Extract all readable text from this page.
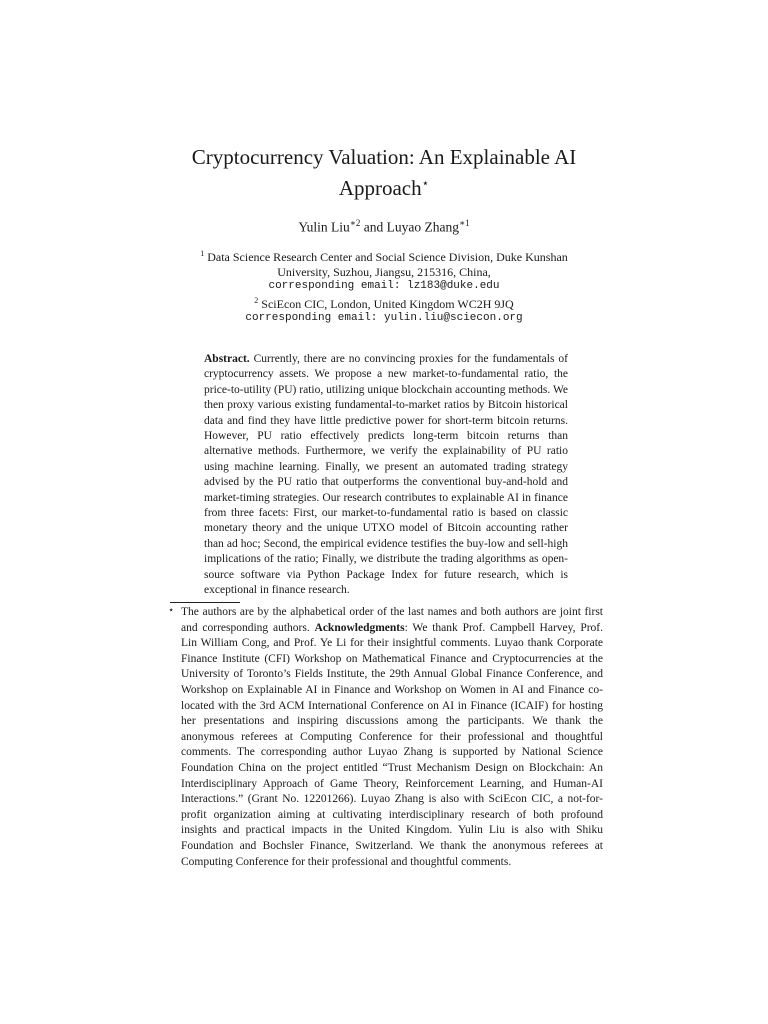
Cryptocurrency Valuation: An Explainable AI
Approach⋆
Yulin Liu$^{∗2}$ and Luyao Zhang$^{∗1}$
$^1$ Data Science Research Center and Social Science Division, Duke Kunshan University, Suzhou, Jiangsu, 215316, China,
corresponding email: lz183@duke.edu
$^2$ SciEcon CIC, London, United Kingdom WC2H 9JQ
corresponding email: yulin.liu@sciecon.org
Abstract. Currently, there are no convincing proxies for the fundamentals of cryptocurrency assets. We propose a new market-to-fundamental ratio, the price-to-utility (PU) ratio, utilizing unique blockchain accounting methods. We then proxy various existing fundamental-to-market ratios by Bitcoin historical data and find they have little predictive power for short-term bitcoin returns. However, PU ratio effectively predicts long-term bitcoin returns than alternative methods. Furthermore, we verify the explainability of PU ratio using machine learning. Finally, we present an automated trading strategy advised by the PU ratio that outperforms the conventional buy-and-hold and market-timing strategies. Our research contributes to explainable AI in finance from three facets: First, our market-to-fundamental ratio is based on classic monetary theory and the unique UTXO model of Bitcoin accounting rather than ad hoc; Second, the empirical evidence testifies the buy-low and sell-high implications of the ratio; Finally, we distribute the trading algorithms as open-source software via Python Package Index for future research, which is exceptional in finance research.
⋆ The authors are by the alphabetical order of the last names and both authors are joint first and corresponding authors. Acknowledgments: We thank Prof. Campbell Harvey, Prof. Lin William Cong, and Prof. Ye Li for their insightful comments. Luyao thank Corporate Finance Institute (CFI) Workshop on Mathematical Finance and Cryptocurrencies at the University of Toronto’s Fields Institute, the 29th Annual Global Finance Conference, and Workshop on Explainable AI in Finance and Workshop on Women in AI and Finance co-located with the 3rd ACM International Conference on AI in Finance (ICAIF) for hosting her presentations and inspiring discussions among the participants. We thank the anonymous referees at Computing Conference for their professional and thoughtful comments. The corresponding author Luyao Zhang is supported by National Science Foundation China on the project entitled “Trust Mechanism Design on Blockchain: An Interdisciplinary Approach of Game Theory, Reinforcement Learning, and Human-AI Interactions.” (Grant No. 12201266). Luyao Zhang is also with SciEcon CIC, a not-for-profit organization aiming at cultivating interdisciplinary research of both profound insights and practical impacts in the United Kingdom. Yulin Liu is also with Shiku Foundation and Bochsler Finance, Switzerland. We thank the anonymous referees at Computing Conference for their professional and thoughtful comments.
